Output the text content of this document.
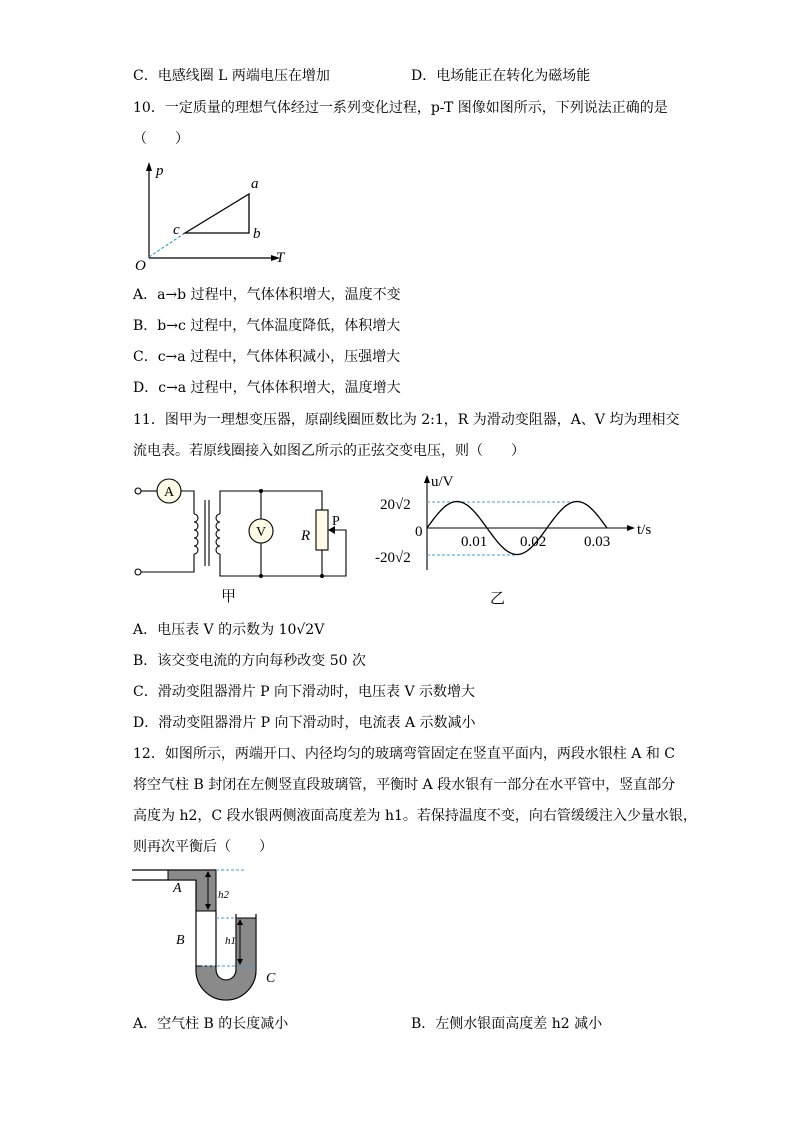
C．电感线圈 L 两端电压在增加	D．电场能正在转化为磁场能
10．一定质量的理想气体经过一系列变化过程，p-T 图像如图所示，下列说法正确的是
（　　）
p
T
O
a
b
c
A．a→b 过程中，气体体积增大，温度不变
B．b→c 过程中，气体温度降低，体积增大
C．c→a 过程中，气体体积减小，压强增大
D．c→a 过程中，气体体积增大，温度增大
11．图甲为一理想变压器，原副线圈匝数比为 2:1，R 为滑动变阻器，A、V 均为理相交
流电表。若原线圈接入如图乙所示的正弦交变电压，则（　　）
A
V R
P
甲
u/V
t/s
20√2
-20√2
0
0.01 0.02	0.03
乙
A．电压表 V 的示数为 10√2V
B．该交变电流的方向每秒改变 50 次
C．滑动变阻器滑片 P 向下滑动时，电压表 V 示数增大
D．滑动变阻器滑片 P 向下滑动时，电流表 A 示数减小
12．如图所示，两端开口、内径均匀的玻璃弯管固定在竖直平面内，两段水银柱 A 和 C
将空气柱 B 封闭在左侧竖直段玻璃管，平衡时 A 段水银有一部分在水平管中，竖直部分
高度为 h2，C 段水银两侧液面高度差为 h1。若保持温度不变，向右管缓缓注入少量水银，
则再次平衡后（　　）
A
B
C
h2
h1
A．空气柱 B 的长度减小	B．左侧水银面高度差 h2 减小
